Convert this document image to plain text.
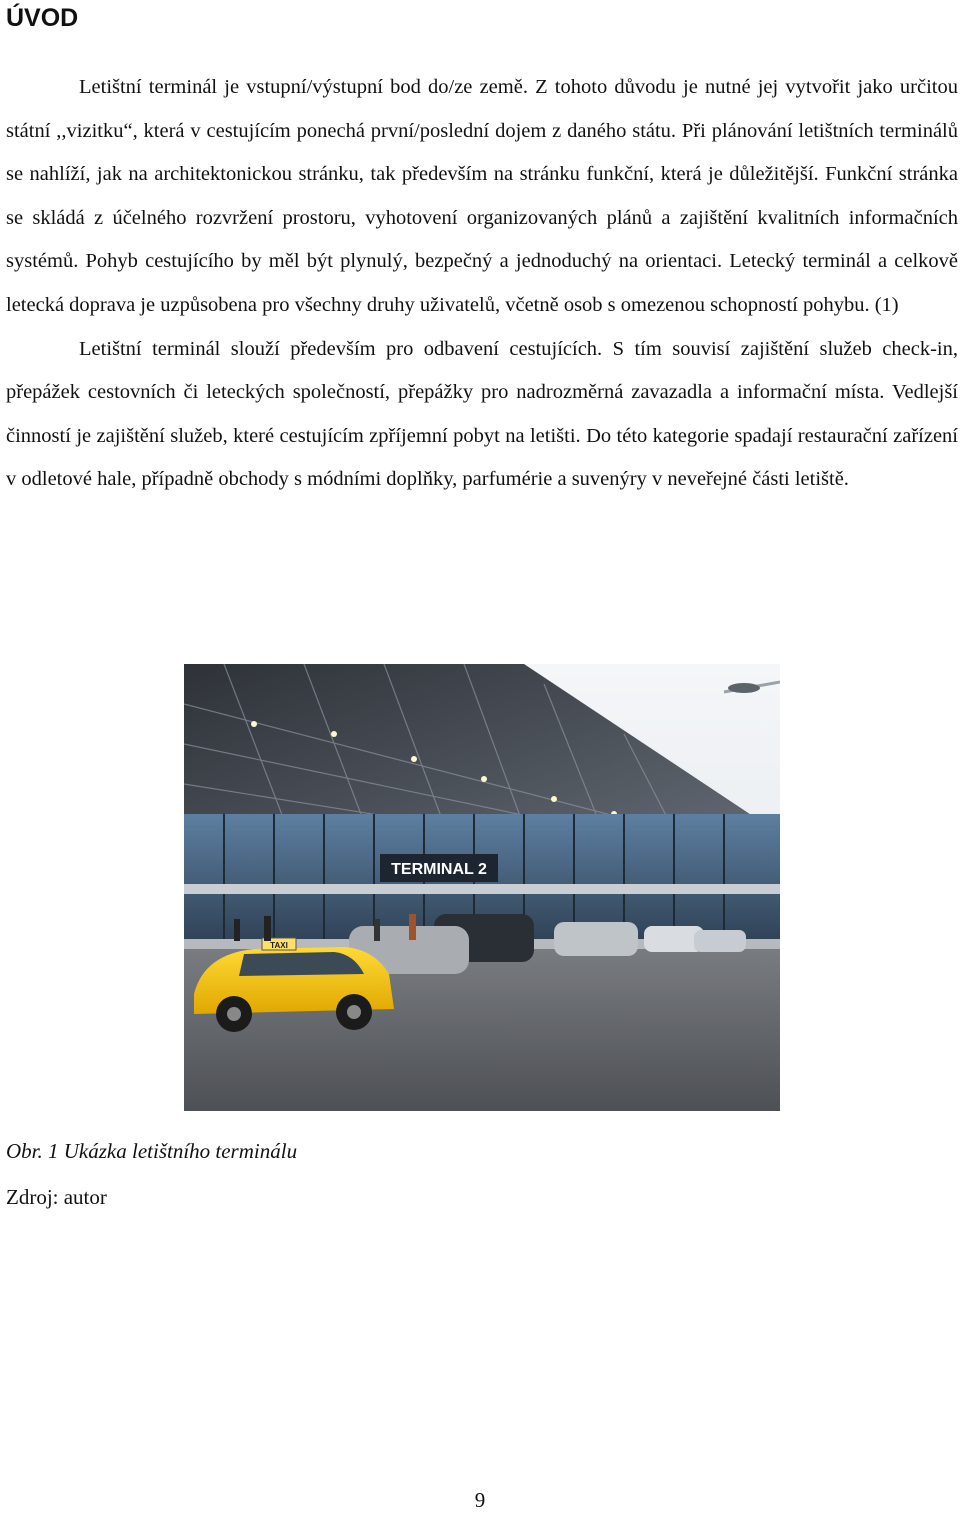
ÚVOD

Letištní terminál je vstupní/výstupní bod do/ze země. Z tohoto důvodu je nutné jej vytvořit jako určitou státní ,,vizitku“, která v cestujícím ponechá první/poslední dojem z daného státu. Při plánování letištních terminálů se nahlíží, jak na architektonickou stránku, tak především na stránku funkční, která je důležitější. Funkční stránka se skládá z účelného rozvržení prostoru, vyhotovení organizovaných plánů a zajištění kvalitních informačních systémů. Pohyb cestujícího by měl být plynulý, bezpečný a jednoduchý na orientaci. Letecký terminál a celkově letecká doprava je uzpůsobena pro všechny druhy uživatelů, včetně osob s omezenou schopností pohybu. (1)

Letištní terminál slouží především pro odbavení cestujících. S tím souvisí zajištění služeb check-in, přepážek cestovních či leteckých společností, přepážky pro nadrozměrná zavazadla a informační místa. Vedlejší činností je zajištění služeb, které cestujícím zpříjemní pobyt na letišti. Do této kategorie spadají restaurační zařízení v odletové hale, případně obchody s módními doplňky, parfumérie a suvenýry v neveřejné části letiště.

TERMINAL 2
TAXI
Obr. 1 Ukázka letištního terminálu
Zdroj: autor
9
